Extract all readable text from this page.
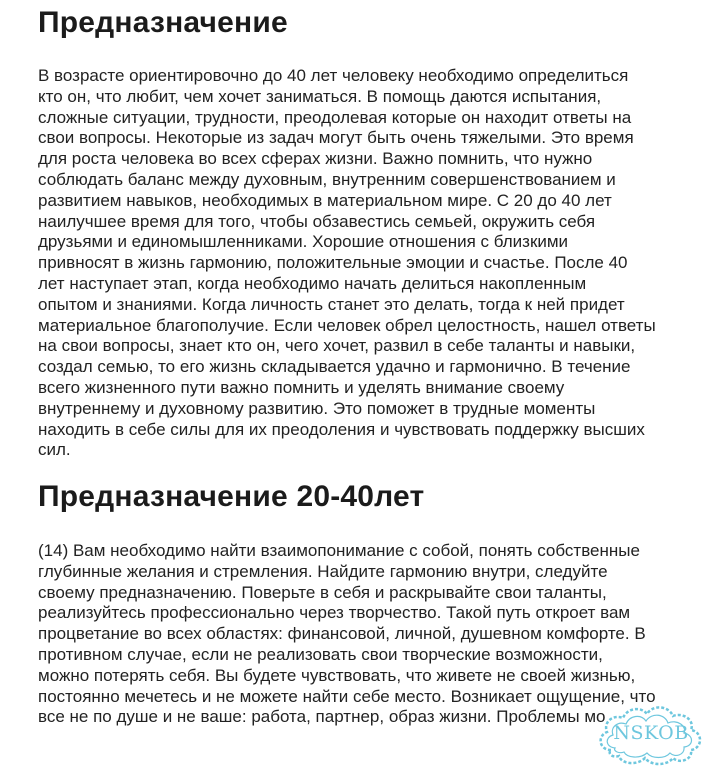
Предназначение
В возрасте ориентировочно до 40 лет человеку необходимо определиться
кто он, что любит, чем хочет заниматься. В помощь даются испытания,
сложные ситуации, трудности, преодолевая которые он находит ответы на
свои вопросы. Некоторые из задач могут быть очень тяжелыми. Это время
для роста человека во всех сферах жизни. Важно помнить, что нужно
соблюдать баланс между духовным, внутренним совершенствованием и
развитием навыков, необходимых в материальном мире. С 20 до 40 лет
наилучшее время для того, чтобы обзавестись семьей, окружить себя
друзьями и единомышленниками. Хорошие отношения с близкими
привносят в жизнь гармонию, положительные эмоции и счастье. После 40
лет наступает этап, когда необходимо начать делиться накопленным
опытом и знаниями. Когда личность станет это делать, тогда к ней придет
материальное благополучие. Если человек обрел целостность, нашел ответы
на свои вопросы, знает кто он, чего хочет, развил в себе таланты и навыки,
создал семью, то его жизнь складывается удачно и гармонично. В течение
всего жизненного пути важно помнить и уделять внимание своему
внутреннему и духовному развитию. Это поможет в трудные моменты
находить в себе силы для их преодоления и чувствовать поддержку высших
сил.
Предназначение 20-40лет
(14) Вам необходимо найти взаимопонимание с собой, понять собственные
глубинные желания и стремления. Найдите гармонию внутри, следуйте
своему предназначению. Поверьте в себя и раскрывайте свои таланты,
реализуйтесь профессионально через творчество. Такой путь откроет вам
процветание во всех областях: финансовой, личной, душевном комфорте. В
противном случае, если не реализовать свои творческие возможности,
можно потерять себя. Вы будете чувствовать, что живете не своей жизнью,
постоянно мечетесь и не можете найти себе место. Возникает ощущение, что
все не по душе и не ваше: работа, партнер, образ жизни. Проблемы мо
NSKOB
